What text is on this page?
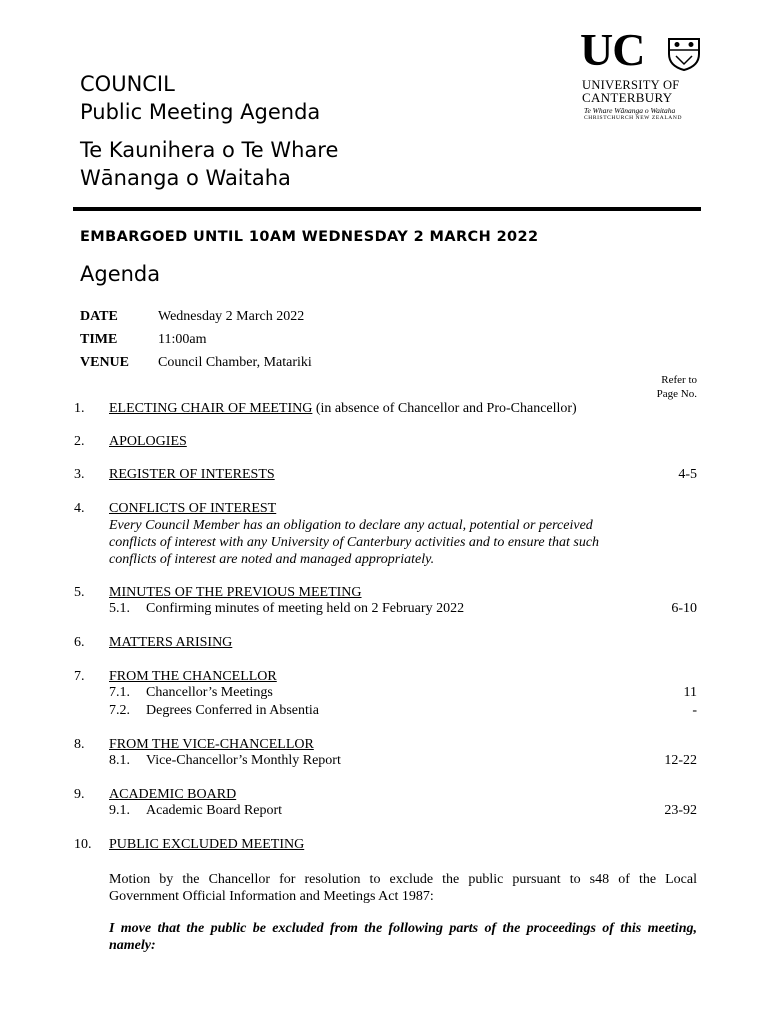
COUNCIL
Public Meeting Agenda
Te Kaunihera o Te Whare
Wānanga o Waitaha
UC
UNIVERSITY OF
CANTERBURY
Te Whare Wānanga o Waitaha
CHRISTCHURCH NEW ZEALAND
EMBARGOED UNTIL 10AM WEDNESDAY 2 MARCH 2022
Agenda
DATE	Wednesday 2 March 2022
TIME	11:00am
VENUE Council Chamber, Matariki
Refer to
Page No.
1. ELECTING CHAIR OF MEETING (in absence of Chancellor and Pro-Chancellor)
2. APOLOGIES
3. REGISTER OF INTERESTS	4-5
4. CONFLICTS OF INTEREST
Every Council Member has an obligation to declare any actual, potential or perceived
conflicts of interest with any University of Canterbury activities and to ensure that such
conflicts of interest are noted and managed appropriately.
5. MINUTES OF THE PREVIOUS MEETING
5.1. Confirming minutes of meeting held on 2 February 2022	6-10
6. MATTERS ARISING
7. FROM THE CHANCELLOR
7.1. Chancellor’s Meetings	11
7.2. Degrees Conferred in Absentia	-
8. FROM THE VICE-CHANCELLOR
8.1. Vice-Chancellor’s Monthly Report	12-22
9. ACADEMIC BOARD
9.1. Academic Board Report	23-92
10. PUBLIC EXCLUDED MEETING
Motion by the Chancellor for resolution to exclude the public pursuant to s48 of the Local
Government Official Information and Meetings Act 1987:
I move that the public be excluded from the following parts of the proceedings of this meeting,
namely:
